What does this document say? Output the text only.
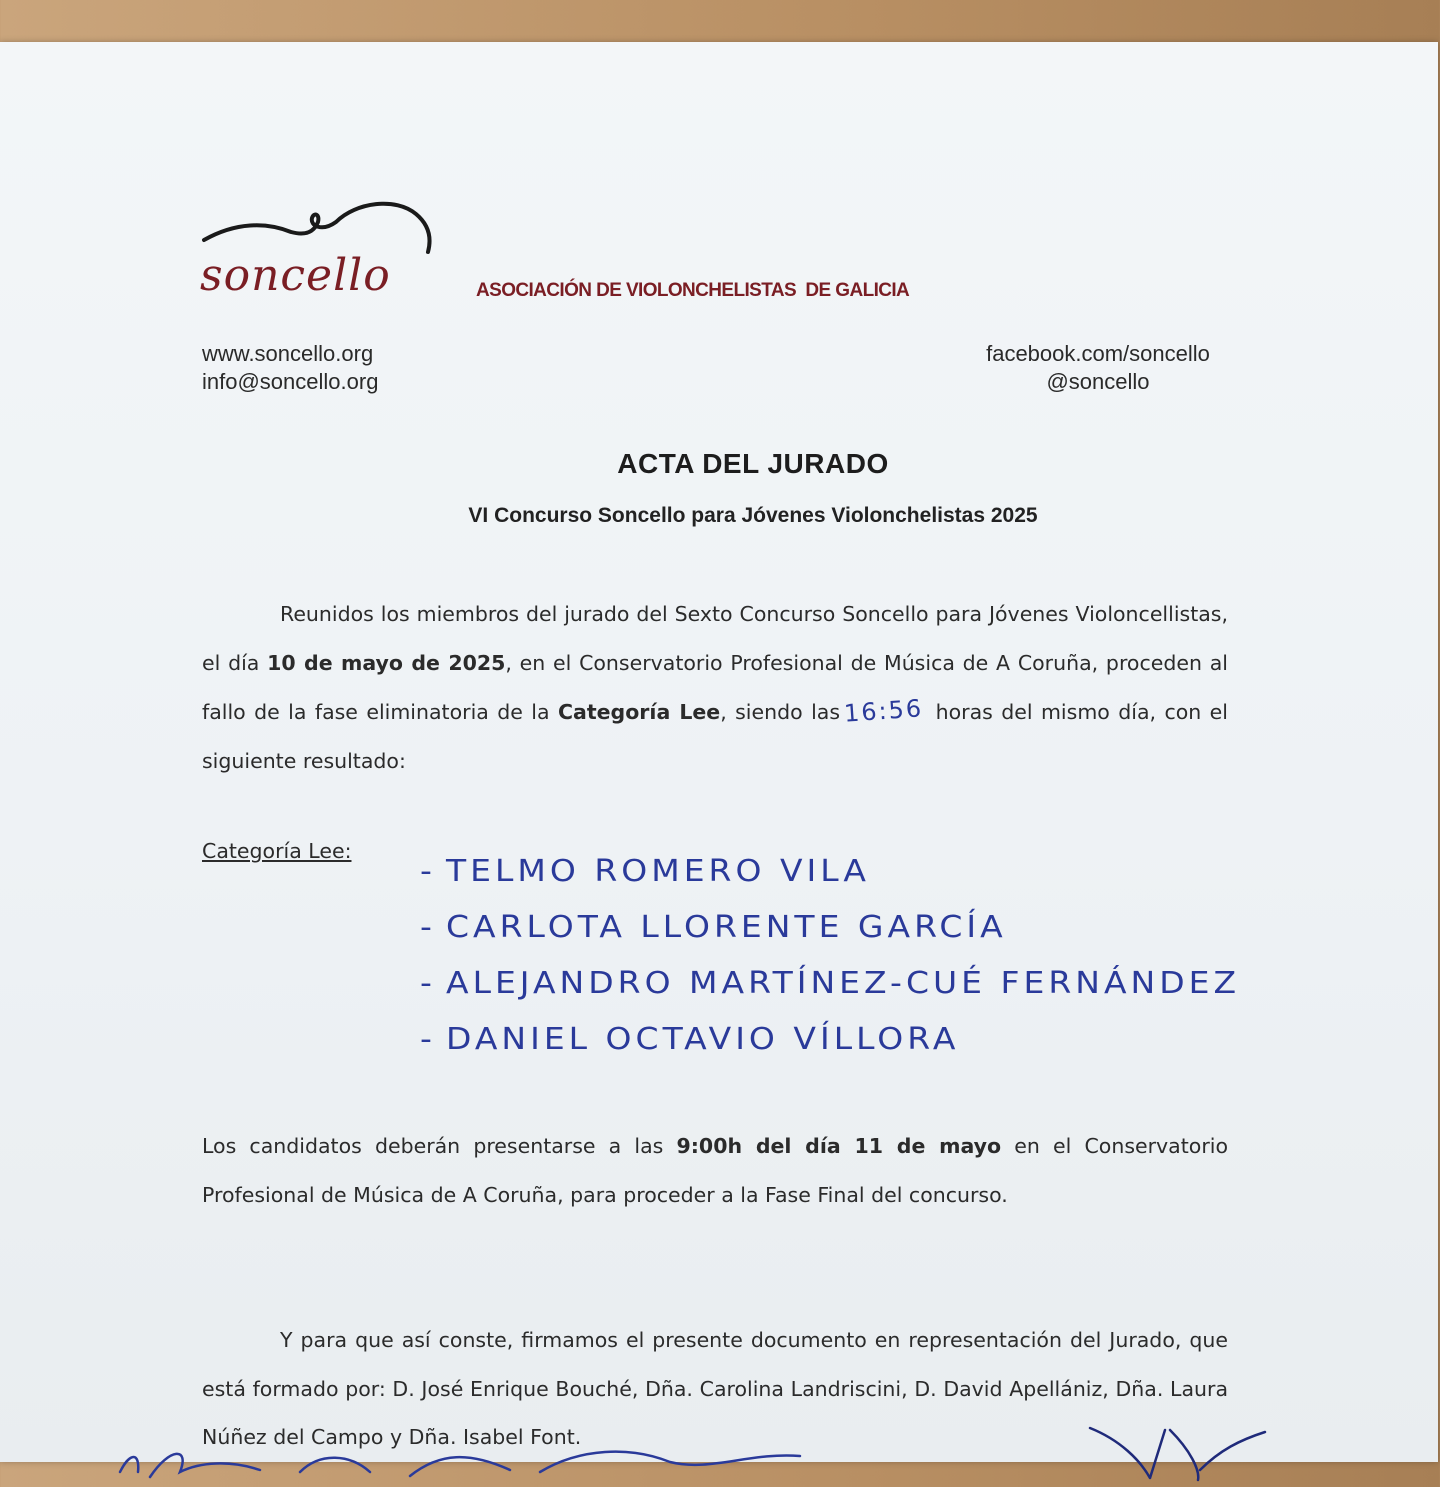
soncello	ASOCIACIÓN DE VIOLONCHELISTAS  DE GALICIA
www.soncello.org
info@soncello.org
facebook.com/soncello
@soncello
ACTA DEL JURADO
VI Concurso Soncello para Jóvenes Violonchelistas 2025
Reunidos los miembros del jurado del Sexto Concurso Soncello para Jóvenes Violoncellistas, el día 10 de mayo de 2025, en el Conservatorio Profesional de Música de A Coruña, proceden al fallo de la fase eliminatoria de la Categoría Lee, siendo las 16:56 horas del mismo día, con el siguiente resultado:
Categoría Lee:
- TELMO ROMERO VILA
- CARLOTA LLORENTE GARCÍA
- ALEJANDRO MARTÍNEZ-CUÉ FERNÁNDEZ
- DANIEL OCTAVIO VÍLLORA
Los candidatos deberán presentarse a las 9:00h del día 11 de mayo en el Conservatorio Profesional de Música de A Coruña, para proceder a la Fase Final del concurso.
Y para que así conste, firmamos el presente documento en representación del Jurado, que está formado por: D. José Enrique Bouché, Dña. Carolina Landriscini, D. David Apellániz, Dña. Laura Núñez del Campo y Dña. Isabel Font.
